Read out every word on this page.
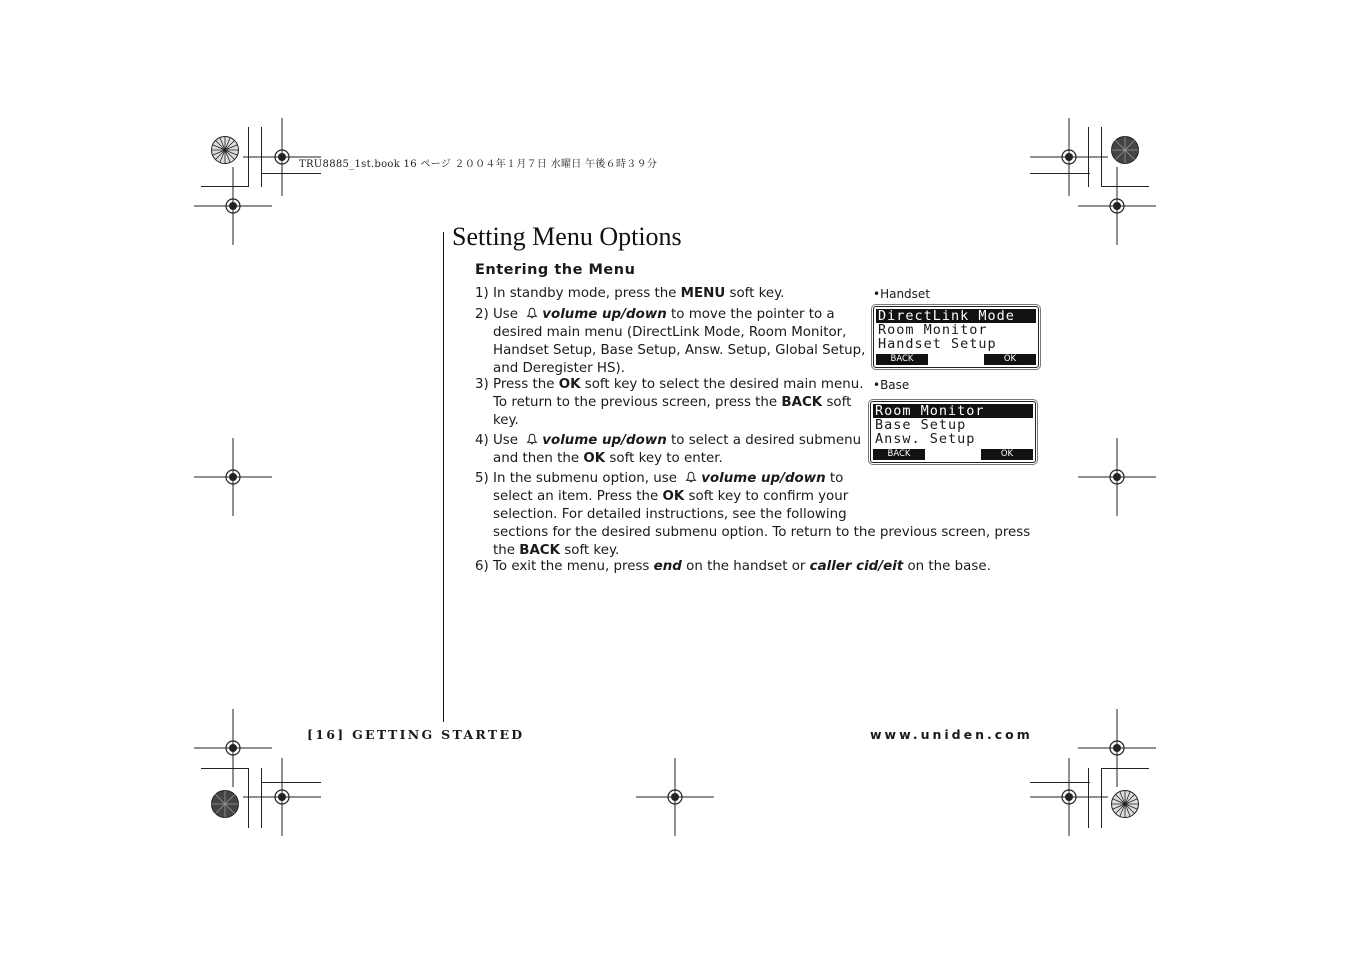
TRU8885_1st.book 16 ページ ２００４年１月７日 水曜日 午後６時３９分
Setting Menu Options
Entering the Menu
1) In standby mode, press the MENU soft key.
2) Use volume up/down to move the pointer to a
desired main menu (DirectLink Mode, Room Monitor,
Handset Setup, Base Setup, Answ. Setup, Global Setup,
and Deregister HS).
3) Press the OK soft key to select the desired main menu.
To return to the previous screen, press the BACK soft
key.
4) Use volume up/down to select a desired submenu
and then the OK soft key to enter.
5) In the submenu option, use volume up/down to
select an item. Press the OK soft key to confirm your
selection. For detailed instructions, see the following
sections for the desired submenu option. To return to the previous screen, press
the BACK soft key.
6) To exit the menu, press end on the handset or caller cid/eit on the base.
•Handset
DirectLink Mode
Room Monitor
Handset Setup
BACK	OK
•Base
Room Monitor
Base Setup
Answ. Setup
BACK	OK
[16] GETTING STARTED	www.uniden.com
